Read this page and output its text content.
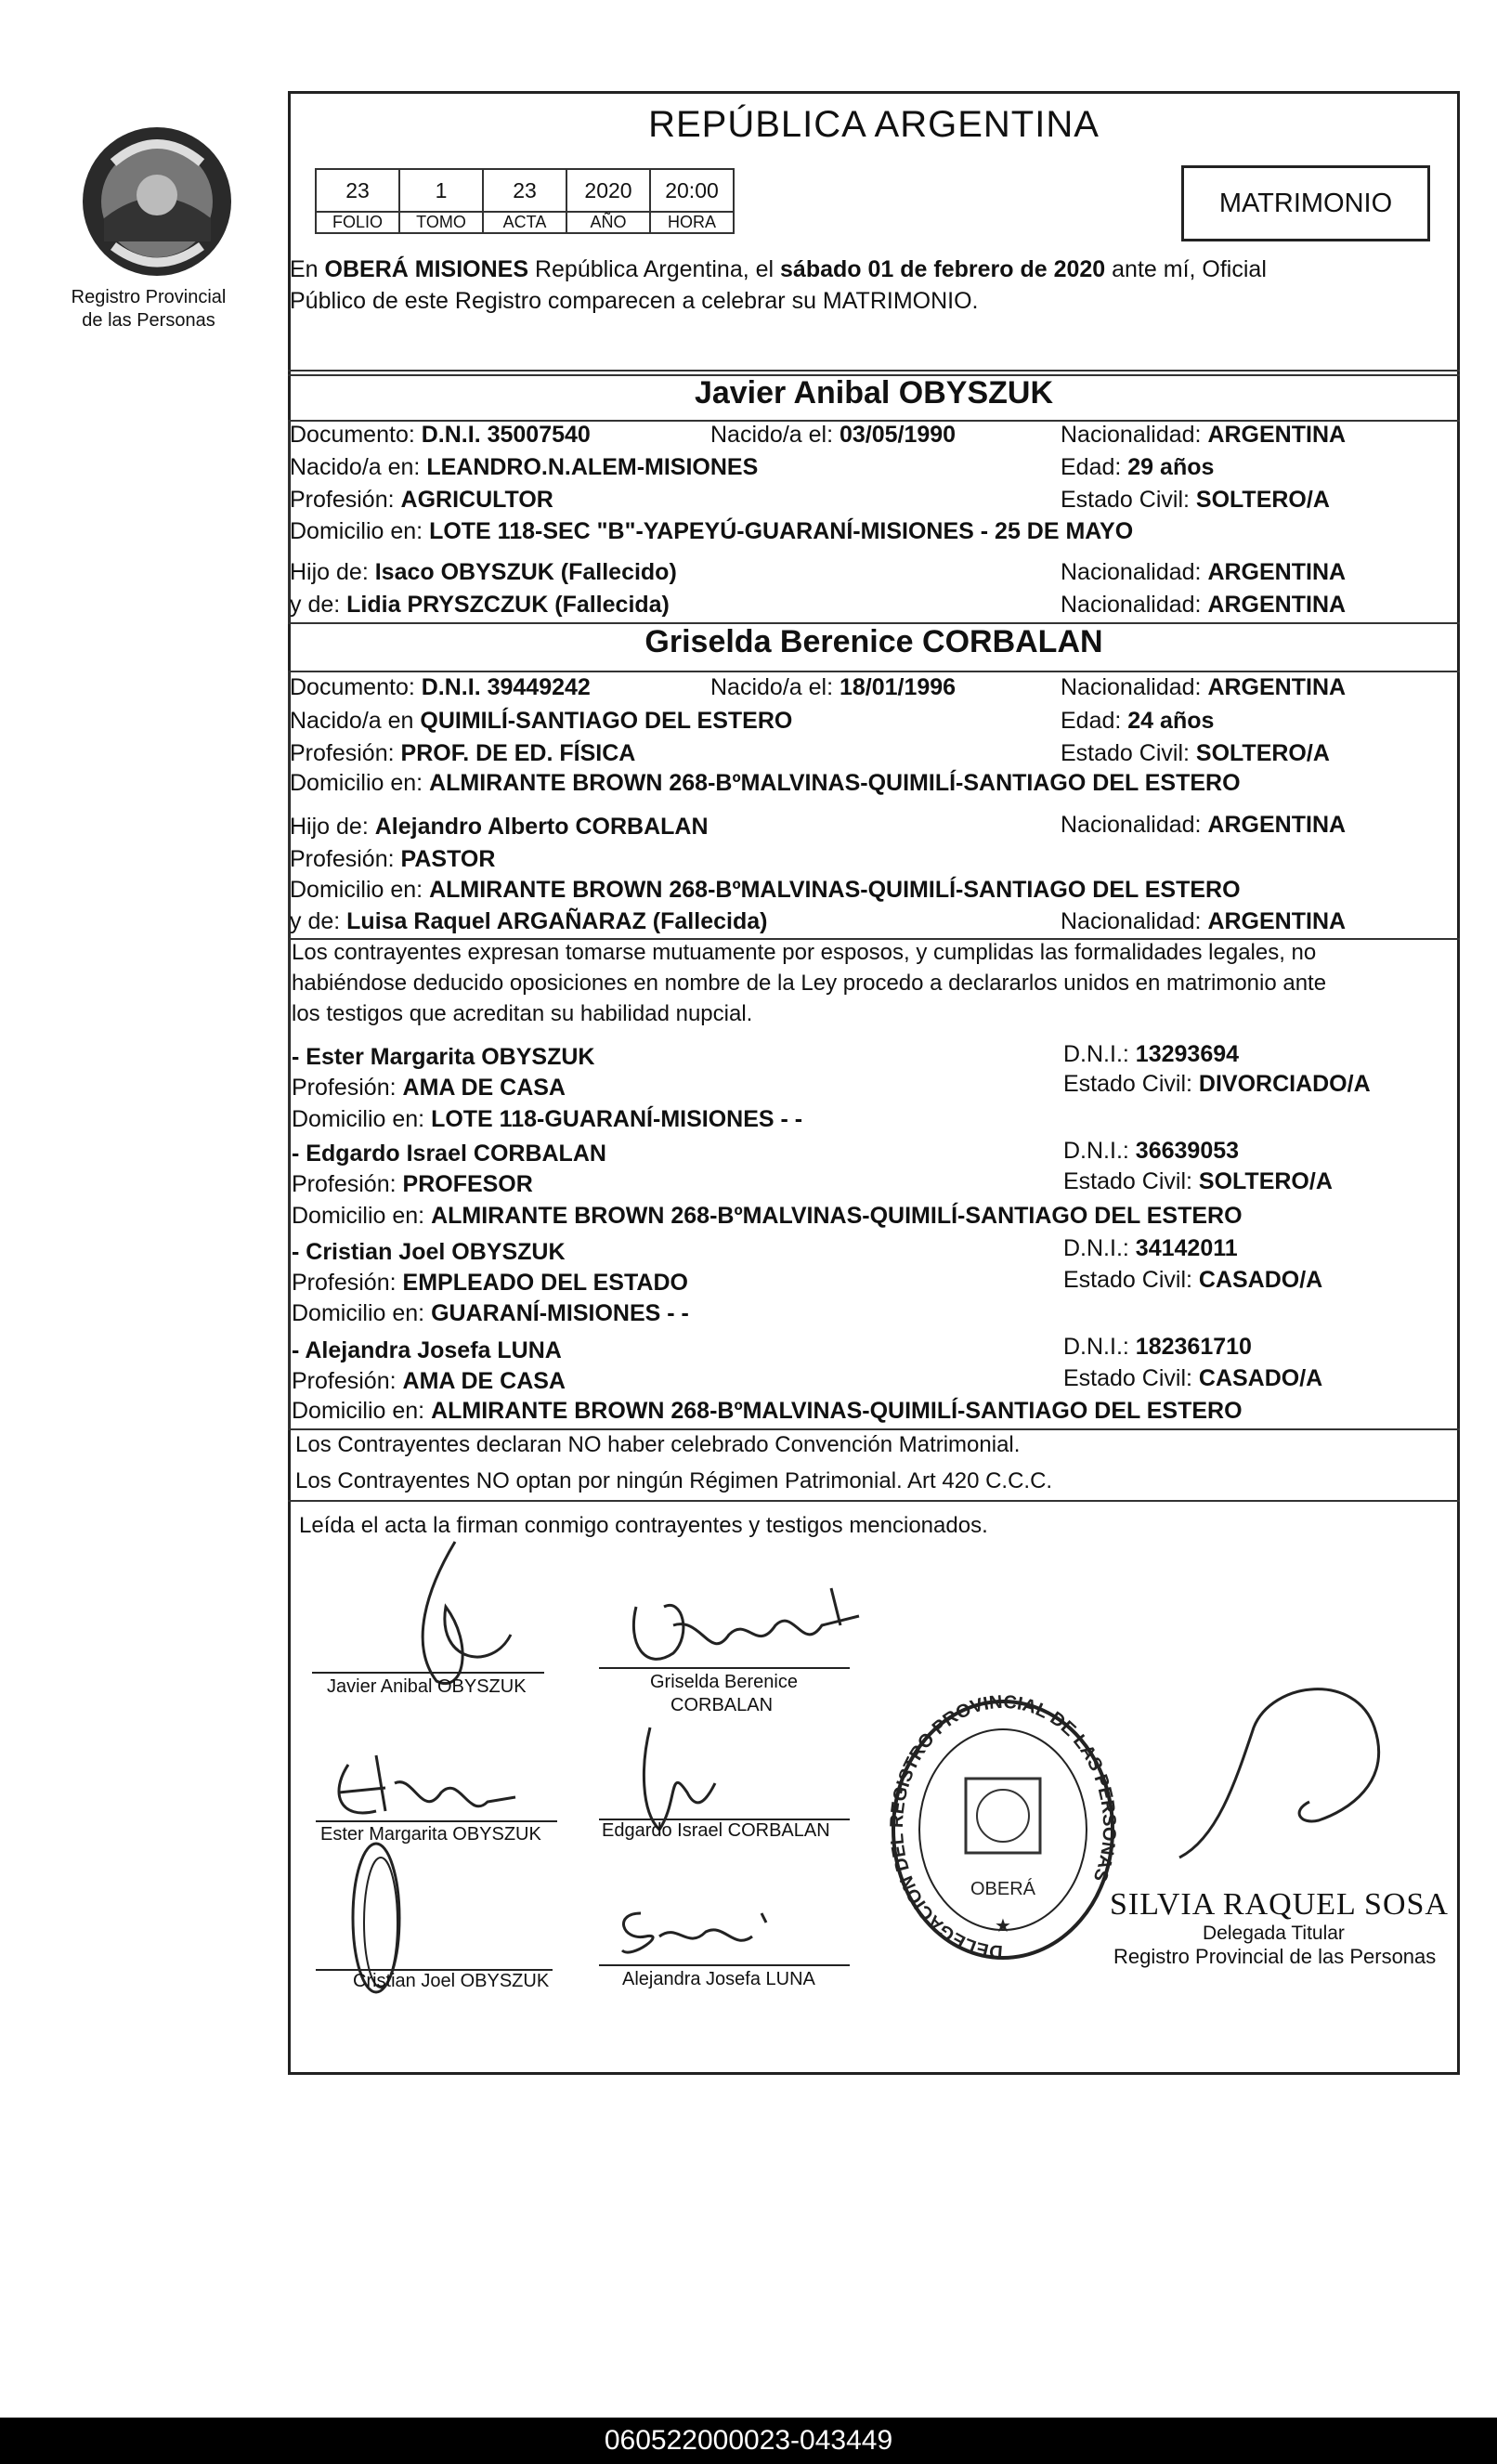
Registro Provincial
de las Personas
REPÚBLICA ARGENTINA
23	1	23	2020	20:00
FOLIO	TOMO	ACTA	AÑO	HORA
MATRIMONIO
En OBERÁ MISIONES República Argentina, el sábado 01 de febrero de 2020 ante mí, Oficial
Público de este Registro comparecen a celebrar su MATRIMONIO.
Javier Anibal OBYSZUK
Documento: D.N.I. 35007540	Nacido/a el: 03/05/1990	Nacionalidad: ARGENTINA
Nacido/a en: LEANDRO.N.ALEM-MISIONES	Edad: 29 años
Profesión: AGRICULTOR	Estado Civil: SOLTERO/A
Domicilio en: LOTE 118-SEC "B"-YAPEYÚ-GUARANÍ-MISIONES - 25 DE MAYO
Hijo de: Isaco OBYSZUK (Fallecido)	Nacionalidad: ARGENTINA
y de: Lidia PRYSZCZUK (Fallecida)	Nacionalidad: ARGENTINA
Griselda Berenice CORBALAN
Documento: D.N.I. 39449242	Nacido/a el: 18/01/1996	Nacionalidad: ARGENTINA
Nacido/a en QUIMILÍ-SANTIAGO DEL ESTERO	Edad: 24 años
Profesión: PROF. DE ED. FÍSICA	Estado Civil: SOLTERO/A
Domicilio en: ALMIRANTE BROWN 268-BºMALVINAS-QUIMILÍ-SANTIAGO DEL ESTERO
Hijo de: Alejandro Alberto CORBALAN	Nacionalidad: ARGENTINA
Profesión: PASTOR
Domicilio en: ALMIRANTE BROWN 268-BºMALVINAS-QUIMILÍ-SANTIAGO DEL ESTERO
y de: Luisa Raquel ARGAÑARAZ (Fallecida)	Nacionalidad: ARGENTINA
Los contrayentes expresan tomarse mutuamente por esposos, y cumplidas las formalidades legales, no
habiéndose deducido oposiciones en nombre de la Ley procedo a declararlos unidos en matrimonio ante
los testigos que acreditan su habilidad nupcial.
- Ester Margarita OBYSZUK	D.N.I.: 13293694
Profesión: AMA DE CASA	Estado Civil: DIVORCIADO/A
Domicilio en: LOTE 118-GUARANÍ-MISIONES - -
- Edgardo Israel CORBALAN	D.N.I.: 36639053
Profesión: PROFESOR	Estado Civil: SOLTERO/A
Domicilio en: ALMIRANTE BROWN 268-BºMALVINAS-QUIMILÍ-SANTIAGO DEL ESTERO
- Cristian Joel OBYSZUK	D.N.I.: 34142011
Profesión: EMPLEADO DEL ESTADO	Estado Civil: CASADO/A
Domicilio en: GUARANÍ-MISIONES - -
- Alejandra Josefa LUNA	D.N.I.: 182361710
Profesión: AMA DE CASA	Estado Civil: CASADO/A
Domicilio en: ALMIRANTE BROWN 268-BºMALVINAS-QUIMILÍ-SANTIAGO DEL ESTERO
Los Contrayentes declaran NO haber celebrado Convención Matrimonial.
Los Contrayentes NO optan por ningún Régimen Patrimonial. Art 420 C.C.C.
Leída el acta la firman conmigo contrayentes y testigos mencionados.
Javier Anibal OBYSZUK	Griselda Berenice
CORBALAN
Ester Margarita OBYSZUK	Edgardo Israel CORBALAN
Cristian Joel OBYSZUK	Alejandra Josefa LUNA
DELEGACION DEL REGISTRO PROVINCIAL DE LAS PERSONAS
OBERÁ
★
SILVIA RAQUEL SOSA
Delegada Titular
Registro Provincial de las Personas
060522000023-043449
